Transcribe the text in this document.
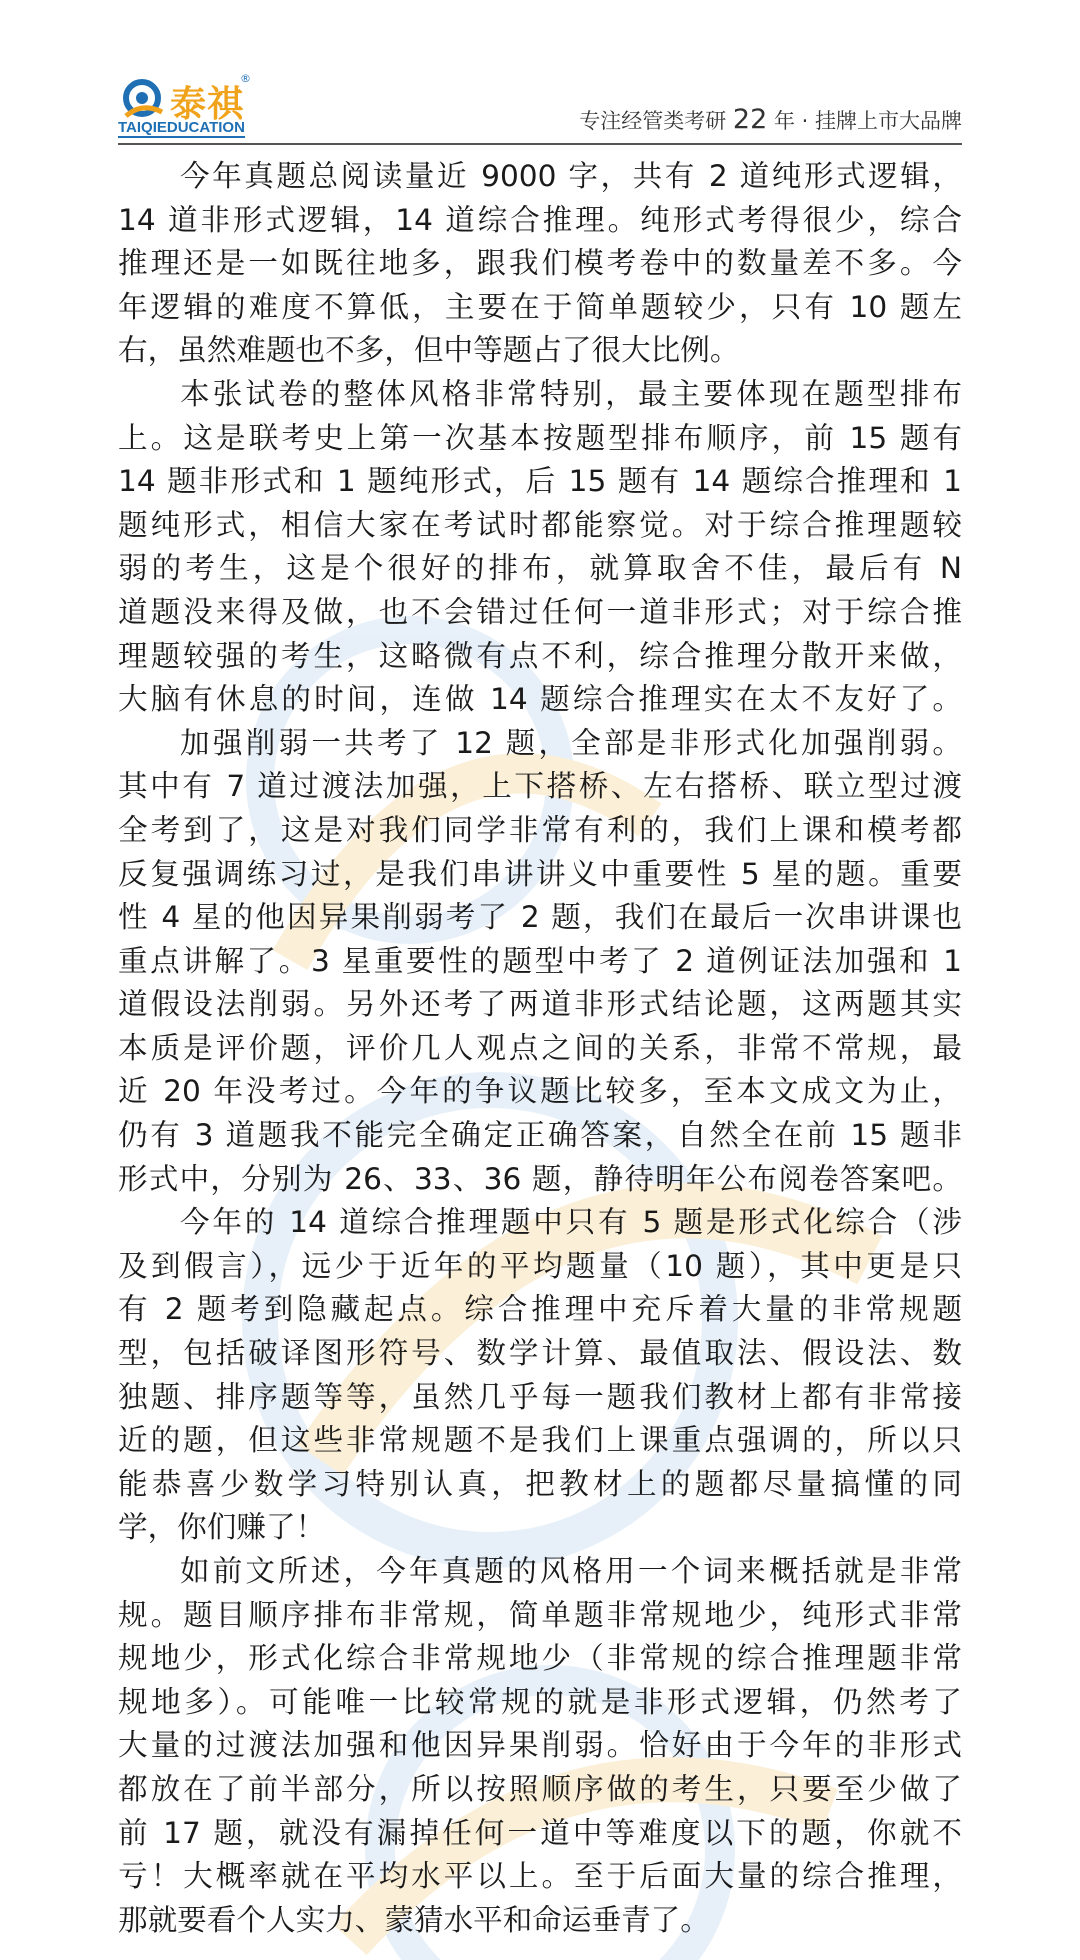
泰祺
®
TAIQIEDUCATION	专注经管类考研 22 年 · 挂牌上市大品牌
今年真题总阅读量近 9000 字，共有 2 道纯形式逻辑，
14 道非形式逻辑，14 道综合推理。纯形式考得很少，综合
推理还是一如既往地多，跟我们模考卷中的数量差不多。今
年逻辑的难度不算低，主要在于简单题较少，只有 10 题左
右，虽然难题也不多，但中等题占了很大比例。
本张试卷的整体风格非常特别，最主要体现在题型排布
上。这是联考史上第一次基本按题型排布顺序，前 15 题有
14 题非形式和 1 题纯形式，后 15 题有 14 题综合推理和 1
题纯形式，相信大家在考试时都能察觉。对于综合推理题较
弱的考生，这是个很好的排布，就算取舍不佳，最后有 N
道题没来得及做，也不会错过任何一道非形式；对于综合推
理题较强的考生，这略微有点不利，综合推理分散开来做，
大脑有休息的时间，连做 14 题综合推理实在太不友好了。
加强削弱一共考了 12 题，全部是非形式化加强削弱。
其中有 7 道过渡法加强，上下搭桥、左右搭桥、联立型过渡
全考到了，这是对我们同学非常有利的，我们上课和模考都
反复强调练习过，是我们串讲讲义中重要性 5 星的题。重要
性 4 星的他因异果削弱考了 2 题，我们在最后一次串讲课也
重点讲解了。3 星重要性的题型中考了 2 道例证法加强和 1
道假设法削弱。另外还考了两道非形式结论题，这两题其实
本质是评价题，评价几人观点之间的关系，非常不常规，最
近 20 年没考过。今年的争议题比较多，至本文成文为止，
仍有 3 道题我不能完全确定正确答案，自然全在前 15 题非
形式中，分别为 26、33、36 题，静待明年公布阅卷答案吧。
今年的 14 道综合推理题中只有 5 题是形式化综合（涉
及到假言），远少于近年的平均题量（10 题），其中更是只
有 2 题考到隐藏起点。综合推理中充斥着大量的非常规题
型，包括破译图形符号、数学计算、最值取法、假设法、数
独题、排序题等等，虽然几乎每一题我们教材上都有非常接
近的题，但这些非常规题不是我们上课重点强调的，所以只
能恭喜少数学习特别认真，把教材上的题都尽量搞懂的同
学，你们赚了！
如前文所述，今年真题的风格用一个词来概括就是非常
规。题目顺序排布非常规，简单题非常规地少，纯形式非常
规地少，形式化综合非常规地少（非常规的综合推理题非常
规地多）。可能唯一比较常规的就是非形式逻辑，仍然考了
大量的过渡法加强和他因异果削弱。恰好由于今年的非形式
都放在了前半部分，所以按照顺序做的考生，只要至少做了
前 17 题，就没有漏掉任何一道中等难度以下的题，你就不
亏！大概率就在平均水平以上。至于后面大量的综合推理，
那就要看个人实力、蒙猜水平和命运垂青了。
